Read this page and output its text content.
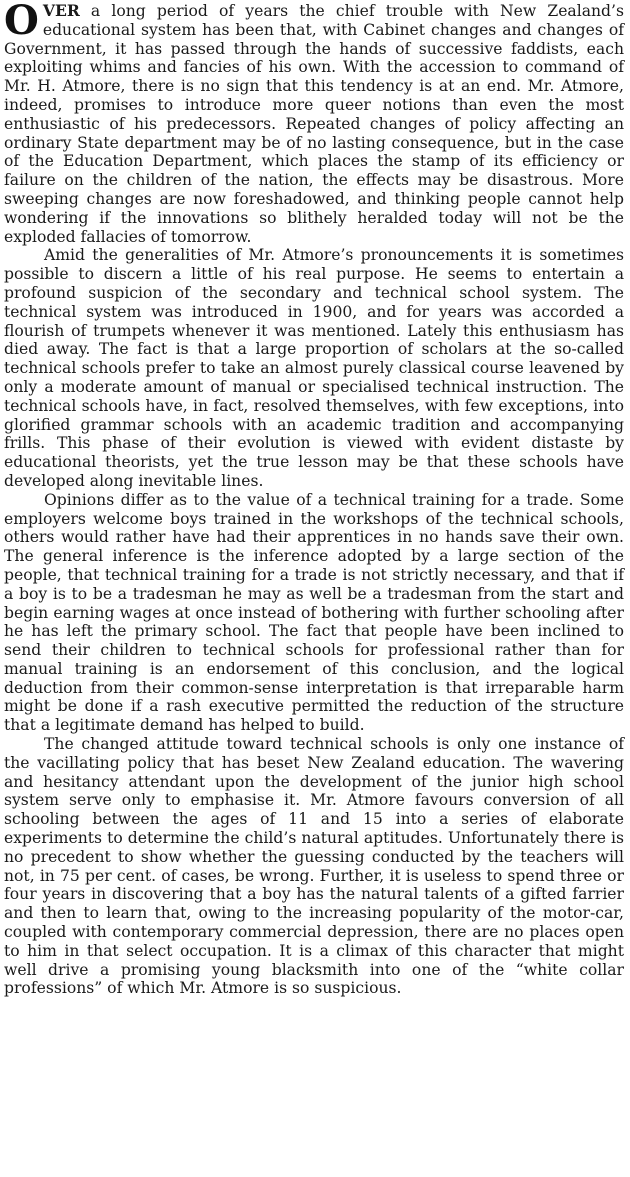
OVER a long period of years the chief trouble with New Zealand’s educational system has been that, with Cabinet changes and changes of Government, it has passed through the hands of successive faddists, each exploiting whims and fancies of his own. With the accession to command of Mr. H. Atmore, there is no sign that this tendency is at an end. Mr. Atmore, indeed, promises to introduce more queer notions than even the most enthusiastic of his predecessors. Repeated changes of policy affecting an ordinary State department may be of no lasting consequence, but in the case of the Education Department, which places the stamp of its efficiency or failure on the children of the nation, the effects may be disastrous. More sweeping changes are now foreshadowed, and thinking people cannot help wondering if the innovations so blithely heralded today will not be the exploded fallacies of tomorrow.

Amid the generalities of Mr. Atmore’s pronouncements it is sometimes possible to discern a little of his real purpose. He seems to entertain a profound suspicion of the secondary and technical school system. The technical system was introduced in 1900, and for years was accorded a flourish of trumpets whenever it was mentioned. Lately this enthusiasm has died away. The fact is that a large proportion of scholars at the so-called technical schools prefer to take an almost purely classical course leavened by only a moderate amount of manual or specialised technical instruction. The technical schools have, in fact, resolved themselves, with few exceptions, into glorified grammar schools with an academic tradition and accompanying frills. This phase of their evolution is viewed with evident distaste by educational theorists, yet the true lesson may be that these schools have developed along inevitable lines.

Opinions differ as to the value of a technical training for a trade. Some employers welcome boys trained in the workshops of the technical schools, others would rather have had their apprentices in no hands save their own. The general inference is the inference adopted by a large section of the people, that technical training for a trade is not strictly necessary, and that if a boy is to be a tradesman he may as well be a tradesman from the start and begin earning wages at once instead of bothering with further schooling after he has left the primary school. The fact that people have been inclined to send their children to technical schools for professional rather than for manual training is an endorsement of this conclusion, and the logical deduction from their common-sense interpretation is that irreparable harm might be done if a rash executive permitted the reduction of the structure that a legitimate demand has helped to build.

The changed attitude toward technical schools is only one instance of the vacillating policy that has beset New Zealand education. The wavering and hesitancy attendant upon the development of the junior high school system serve only to emphasise it. Mr. Atmore favours conversion of all schooling between the ages of 11 and 15 into a series of elaborate experiments to determine the child’s natural aptitudes. Unfortunately there is no precedent to show whether the guessing conducted by the teachers will not, in 75 per cent. of cases, be wrong. Further, it is useless to spend three or four years in discovering that a boy has the natural talents of a gifted farrier and then to learn that, owing to the increasing popularity of the motor-car, coupled with contemporary commercial depression, there are no places open to him in that select occupation. It is a climax of this character that might well drive a promising young blacksmith into one of the “white collar professions” of which Mr. Atmore is so suspicious.
